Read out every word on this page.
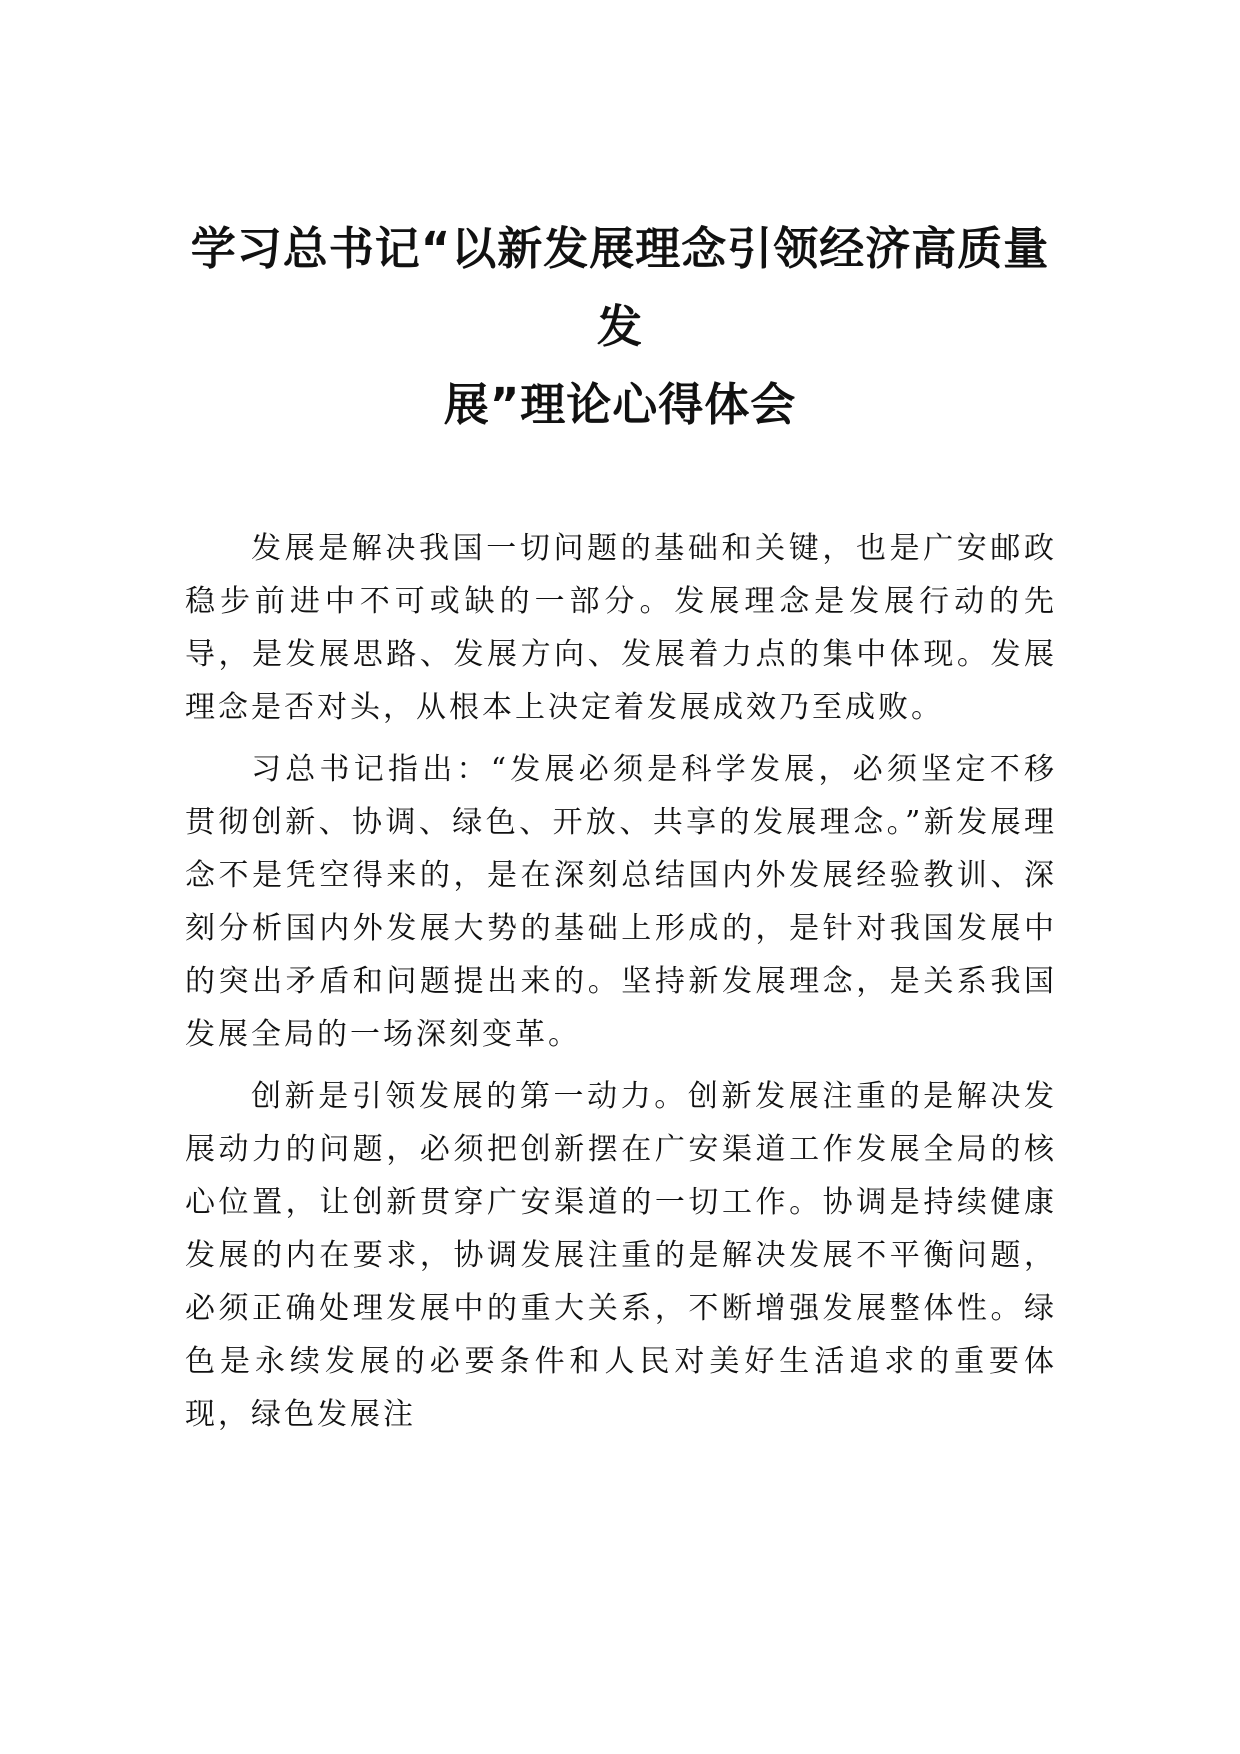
学习总书记“以新发展理念引领经济高质量发
展”理论心得体会

发展是解决我国一切问题的基础和关键，也是广安邮政稳步前进中不可或缺的一部分。发展理念是发展行动的先导，是发展思路、发展方向、发展着力点的集中体现。发展理念是否对头，从根本上决定着发展成效乃至成败。

习总书记指出：“发展必须是科学发展，必须坚定不移贯彻创新、协调、绿色、开放、共享的发展理念。”新发展理念不是凭空得来的，是在深刻总结国内外发展经验教训、深刻分析国内外发展大势的基础上形成的，是针对我国发展中的突出矛盾和问题提出来的。坚持新发展理念，是关系我国发展全局的一场深刻变革。

创新是引领发展的第一动力。创新发展注重的是解决发展动力的问题，必须把创新摆在广安渠道工作发展全局的核心位置，让创新贯穿广安渠道的一切工作。协调是持续健康发展的内在要求，协调发展注重的是解决发展不平衡问题，必须正确处理发展中的重大关系，不断增强发展整体性。绿色是永续发展的必要条件和人民对美好生活追求的重要体现，绿色发展注
